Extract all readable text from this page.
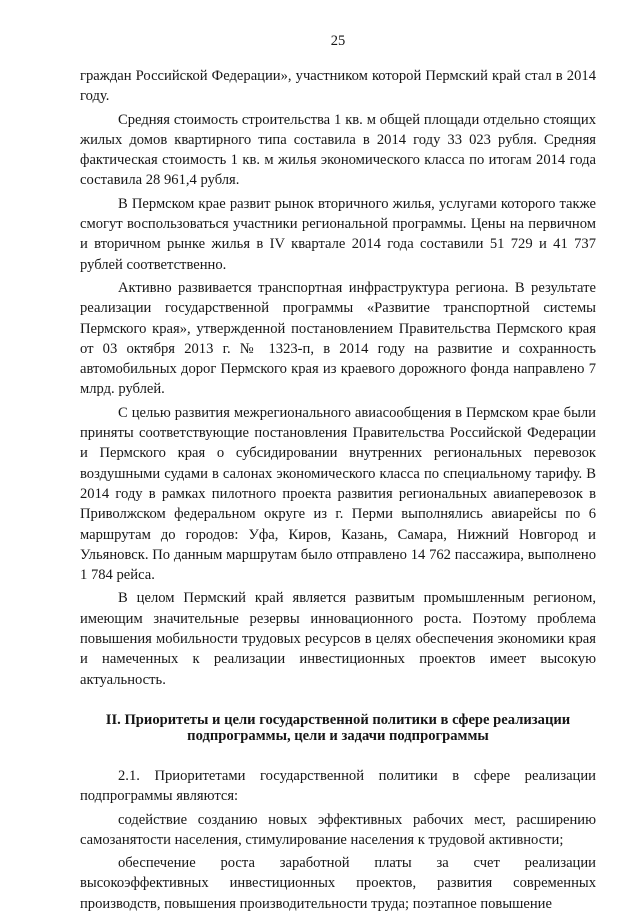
25

граждан Российской Федерации», участником которой Пермский край стал в 2014 году.

Средняя стоимость строительства 1 кв. м общей площади отдельно стоящих жилых домов квартирного типа составила в 2014 году 33 023 рубля. Средняя фактическая стоимость 1 кв. м жилья экономического класса по итогам 2014 года составила 28 961,4 рубля.

В Пермском крае развит рынок вторичного жилья, услугами которого также смогут воспользоваться участники региональной программы. Цены на первичном и вторичном рынке жилья в IV квартале 2014 года составили 51 729 и 41 737 рублей соответственно.

Активно развивается транспортная инфраструктура региона. В результате реализации государственной программы «Развитие транспортной системы Пермского края», утвержденной постановлением Правительства Пермского края от 03 октября 2013 г. № 1323-п, в 2014 году на развитие и сохранность автомобильных дорог Пермского края из краевого дорожного фонда направлено 7 млрд. рублей.

С целью развития межрегионального авиасообщения в Пермском крае были приняты соответствующие постановления Правительства Российской Федерации и Пермского края о субсидировании внутренних региональных перевозок воздушными судами в салонах экономического класса по специальному тарифу. В 2014 году в рамках пилотного проекта развития региональных авиаперевозок в Приволжском федеральном округе из г. Перми выполнялись авиарейсы по 6 маршрутам до городов: Уфа, Киров, Казань, Самара, Нижний Новгород и Ульяновск. По данным маршрутам было отправлено 14 762 пассажира, выполнено 1 784 рейса.

В целом Пермский край является развитым промышленным регионом, имеющим значительные резервы инновационного роста. Поэтому проблема повышения мобильности трудовых ресурсов в целях обеспечения экономики края и намеченных к реализации инвестиционных проектов имеет высокую актуальность.

II. Приоритеты и цели государственной политики в сфере реализации
подпрограммы, цели и задачи подпрограммы

2.1. Приоритетами государственной политики в сфере реализации подпрограммы являются:

содействие созданию новых эффективных рабочих мест, расширению самозанятости населения, стимулирование населения к трудовой активности;

обеспечение роста заработной платы за счет реализации высокоэффективных инвестиционных проектов, развития современных производств, повышения производительности труда; поэтапное повышение
